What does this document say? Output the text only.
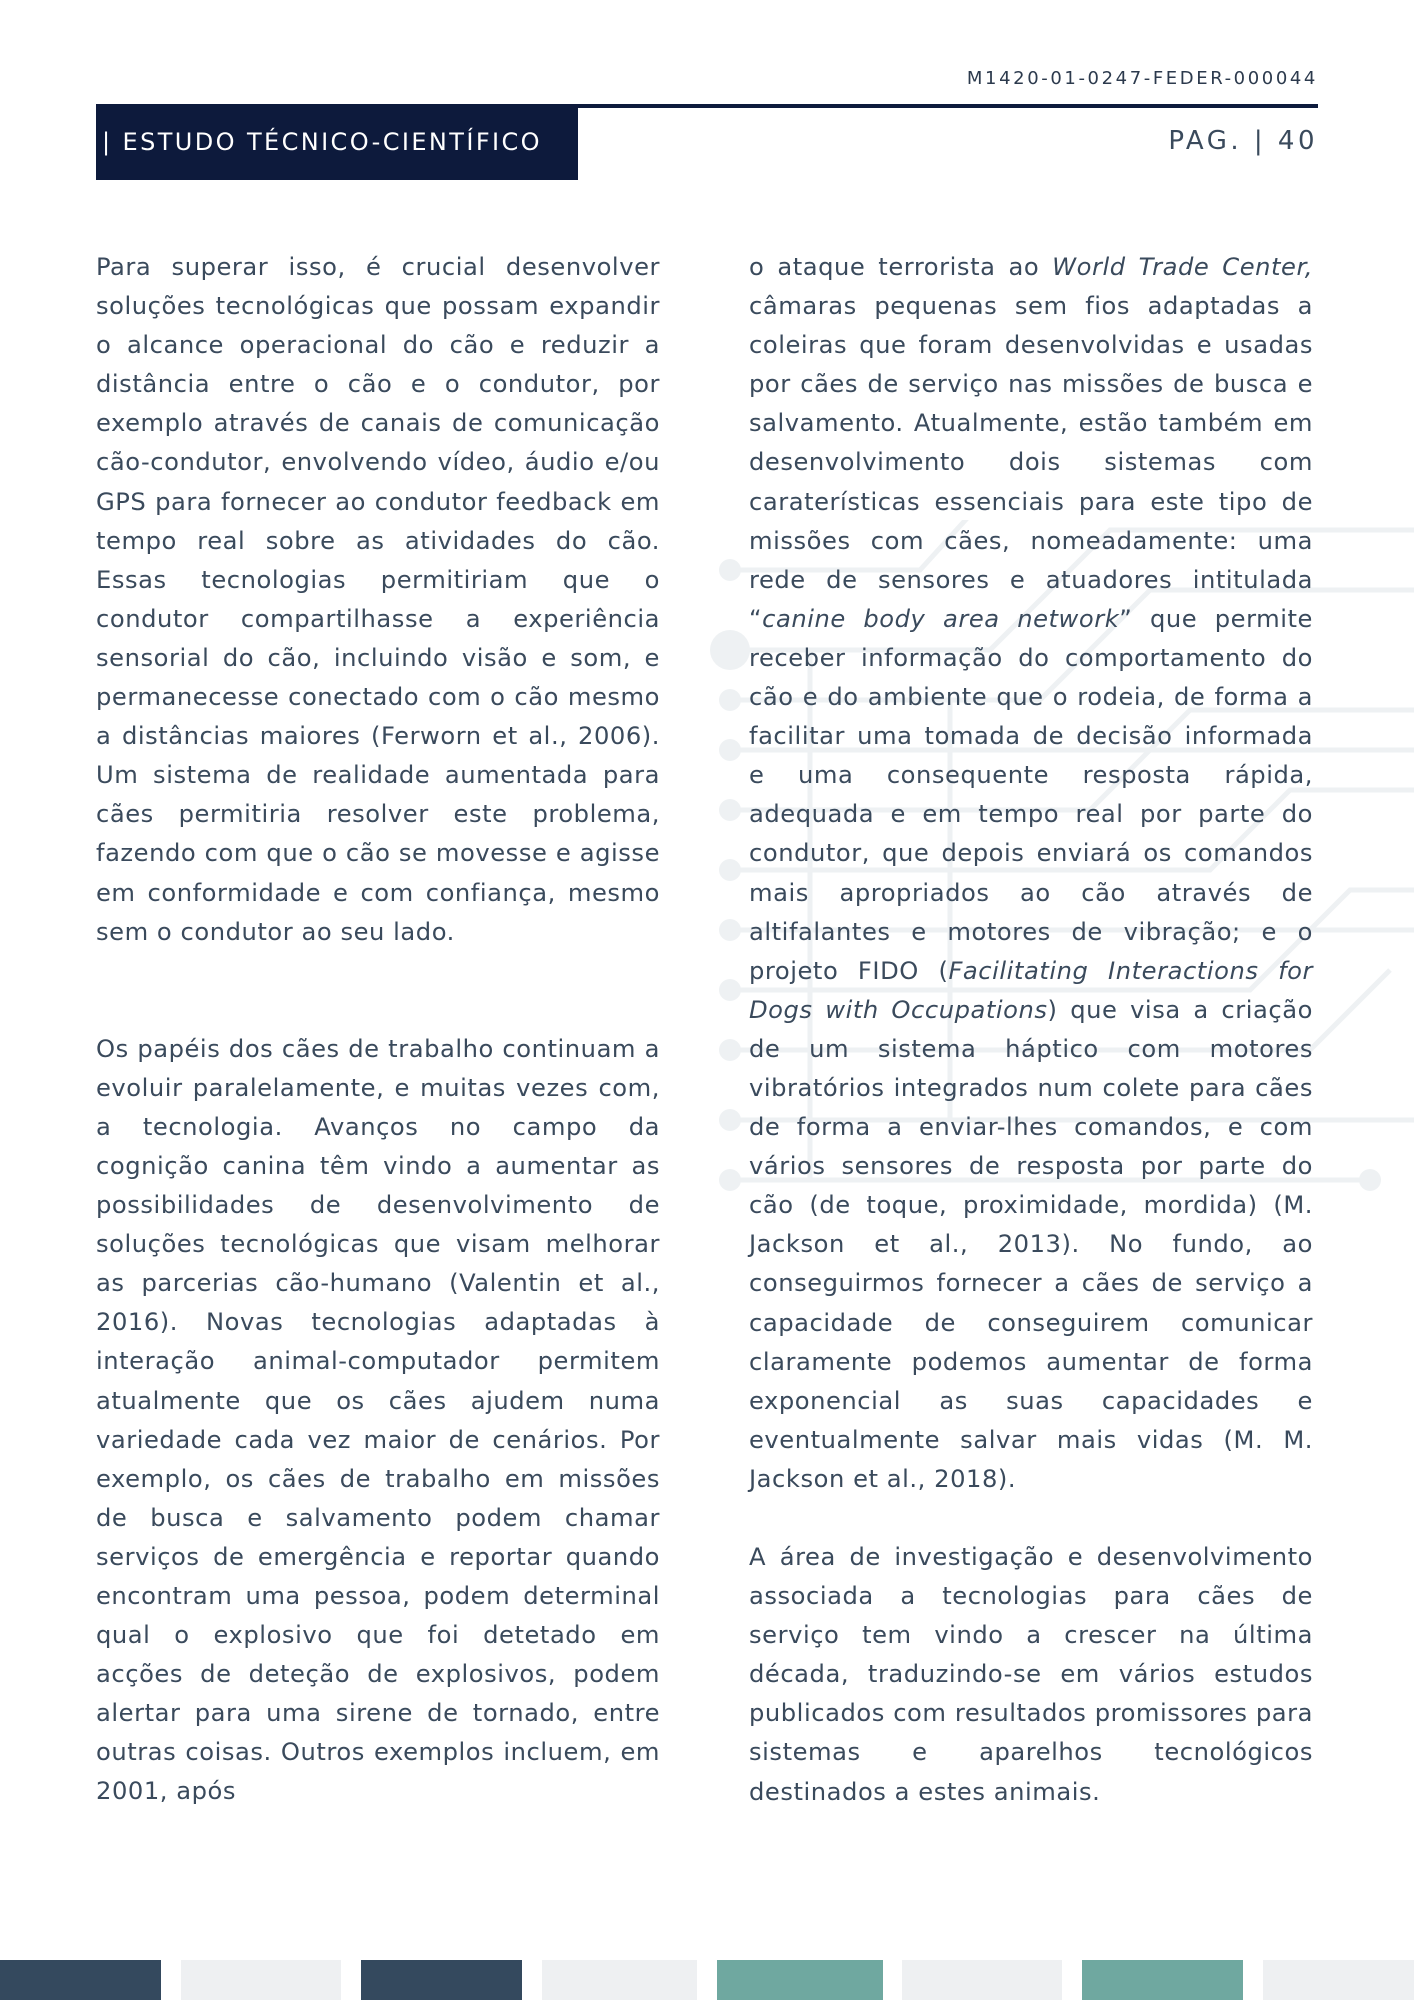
M1420-01-0247-FEDER-000044
| ESTUDO TÉCNICO-CIENTÍFICO	PAG. | 40

Para superar isso, é crucial desenvolver soluções tecnológicas que possam expandir o alcance operacional do cão e reduzir a distância entre o cão e o condutor, por exemplo através de canais de comunicação cão-condutor, envolvendo vídeo, áudio e/ou GPS para fornecer ao condutor feedback em tempo real sobre as atividades do cão. Essas tecnologias permitiriam que o condutor compartilhasse a experiência sensorial do cão, incluindo visão e som, e permanecesse conectado com o cão mesmo a distâncias maiores (Ferworn et al., 2006). Um sistema de realidade aumentada para cães permitiria resolver este problema, fazendo com que o cão se movesse e agisse em conformidade e com confiança, mesmo sem o condutor ao seu lado.

Os papéis dos cães de trabalho continuam a evoluir paralelamente, e muitas vezes com, a tecnologia. Avanços no campo da cognição canina têm vindo a aumentar as possibilidades de desenvolvimento de soluções tecnológicas que visam melhorar as parcerias cão-humano (Valentin et al., 2016). Novas tecnologias adaptadas à interação animal-computador permitem atualmente que os cães ajudem numa variedade cada vez maior de cenários. Por exemplo, os cães de trabalho em missões de busca e salvamento podem chamar serviços de emergência e reportar quando encontram uma pessoa, podem determinal qual o explosivo que foi detetado em acções de deteção de explosivos, podem alertar para uma sirene de tornado, entre outras coisas. Outros exemplos incluem, em 2001, após

o ataque terrorista ao World Trade Center, câmaras pequenas sem fios adaptadas a coleiras que foram desenvolvidas e usadas por cães de serviço nas missões de busca e salvamento. Atualmente, estão também em desenvolvimento dois sistemas com caraterísticas essenciais para este tipo de missões com cães, nomeadamente: uma rede de sensores e atuadores intitulada “canine body area network” que permite receber informação do comportamento do cão e do ambiente que o rodeia, de forma a facilitar uma tomada de decisão informada e uma consequente resposta rápida, adequada e em tempo real por parte do condutor, que depois enviará os comandos mais apropriados ao cão através de altifalantes e motores de vibração; e o projeto FIDO (Facilitating Interactions for Dogs with Occupations) que visa a criação de um sistema háptico com motores vibratórios integrados num colete para cães de forma a enviar-lhes comandos, e com vários sensores de resposta por parte do cão (de toque, proximidade, mordida) (M. Jackson et al., 2013). No fundo, ao conseguirmos fornecer a cães de serviço a capacidade de conseguirem comunicar claramente podemos aumentar de forma exponencial as suas capacidades e eventualmente salvar mais vidas (M. M. Jackson et al., 2018).

A área de investigação e desenvolvimento associada a tecnologias para cães de serviço tem vindo a crescer na última década, traduzindo-se em vários estudos publicados com resultados promissores para sistemas e aparelhos tecnológicos destinados a estes animais.
